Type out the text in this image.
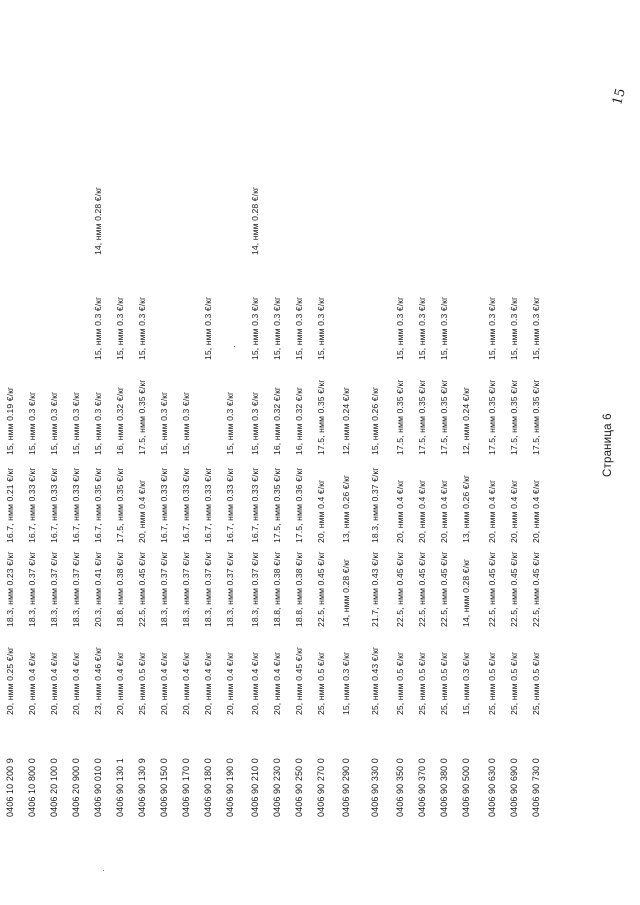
Страница 6
15
0406 10 200 9
20, нмм 0.25 €/кг
18.3, нмм 0.23 €/кг
16.7, нмм 0.21 €/кг
15, нмм 0.19 €/кг
0406 10 800 0
20, нмм 0.4 €/кг
18.3, нмм 0.37 €/кг
16.7, нмм 0.33 €/кг
15, нмм 0.3 €/кг
0406 20 100 0
20, нмм 0.4 €/кг
18.3, нмм 0.37 €/кг
16.7, нмм 0.33 €/кг
15, нмм 0.3 €/кг
0406 20 900 0
20, нмм 0.4 €/кг
18.3, нмм 0.37 €/кг
16.7, нмм 0.33 €/кг
15, нмм 0.3 €/кг
0406 90 010 0
23, нмм 0.46 €/кг
20.3, нмм 0.41 €/кг
16.7, нмм 0.35 €/кг
15, нмм 0.3 €/кг
15, нмм 0.3 €/кг
14, нмм 0.28 €/кг
0406 90 130 1
20, нмм 0.4 €/кг
18.8, нмм 0.38 €/кг
17.5, нмм 0.35 €/кг
16, нмм 0.32 €/кг
15, нмм 0.3 €/кг
0406 90 130 9
25, нмм 0.5 €/кг
22.5, нмм 0.45 €/кг
20, нмм 0.4 €/кг
17.5, нмм 0.35 €/кг
15, нмм 0.3 €/кг
0406 90 150 0
20, нмм 0.4 €/кг
18.3, нмм 0.37 €/кг
16.7, нмм 0.33 €/кг
15, нмм 0.3 €/кг
0406 90 170 0
20, нмм 0.4 €/кг
18.3, нмм 0.37 €/кг
16.7, нмм 0.33 €/кг
15, нмм 0.3 €/кг
0406 90 180 0
20, нмм 0.4 €/кг
18.3, нмм 0.37 €/кг
16.7, нмм 0.33 €/кг
15, нмм 0.3 €/кг
0406 90 190 0
20, нмм 0.4 €/кг
18.3, нмм 0.37 €/кг
16.7, нмм 0.33 €/кг
15, нмм 0.3 €/кг
0406 90 210 0
20, нмм 0.4 €/кг
18.3, нмм 0.37 €/кг
16.7, нмм 0.33 €/кг
15, нмм 0.3 €/кг
15, нмм 0.3 €/кг
14, нмм 0.28 €/кг
0406 90 230 0
20, нмм 0.4 €/кг
18.8, нмм 0.38 €/кг
17.5, нмм 0.35 €/кг
16, нмм 0.32 €/кг
15, нмм 0.3 €/кг
0406 90 250 0
20, нмм 0.45 €/кг
18.8, нмм 0.38 €/кг
17.5, нмм 0.36 €/кг
16, нмм 0.32 €/кг
15, нмм 0.3 €/кг
0406 90 270 0
25, нмм 0.5 €/кг
22.5, нмм 0.45 €/кг
20, нмм 0.4 €/кг
17.5, нмм 0.35 €/кг
15, нмм 0.3 €/кг
0406 90 290 0
15, нмм 0.3 €/кг
14, нмм 0.28 €/кг
13, нмм 0.26 €/кг
12, нмм 0.24 €/кг
0406 90 330 0
25, нмм 0.43 €/кг
21.7, нмм 0.43 €/кг
18.3, нмм 0.37 €/кг
15, нмм 0.26 €/кг
0406 90 350 0
25, нмм 0.5 €/кг
22.5, нмм 0.45 €/кг
20, нмм 0.4 €/кг
17.5, нмм 0.35 €/кг
15, нмм 0.3 €/кг
0406 90 370 0
25, нмм 0.5 €/кг
22.5, нмм 0.45 €/кг
20, нмм 0.4 €/кг
17.5, нмм 0.35 €/кг
15, нмм 0.3 €/кг
0406 90 380 0
25, нмм 0.5 €/кг
22.5, нмм 0.45 €/кг
20, нмм 0.4 €/кг
17.5, нмм 0.35 €/кг
15, нмм 0.3 €/кг
0406 90 500 0
15, нмм 0.3 €/кг
14, нмм 0.28 €/кг
13, нмм 0.26 €/кг
12, нмм 0.24 €/кг
0406 90 630 0
25, нмм 0.5 €/кг
22.5, нмм 0.45 €/кг
20, нмм 0.4 €/кг
17.5, нмм 0.35 €/кг
15, нмм 0.3 €/кг
0406 90 690 0
25, нмм 0.5 €/кг
22.5, нмм 0.45 €/кг
20, нмм 0.4 €/кг
17.5, нмм 0.35 €/кг
15, нмм 0.3 €/кг
0406 90 730 0
25, нмм 0.5 €/кг
22.5, нмм 0.45 €/кг
20, нмм 0.4 €/кг
17.5, нмм 0.35 €/кг
15, нмм 0.3 €/кг
